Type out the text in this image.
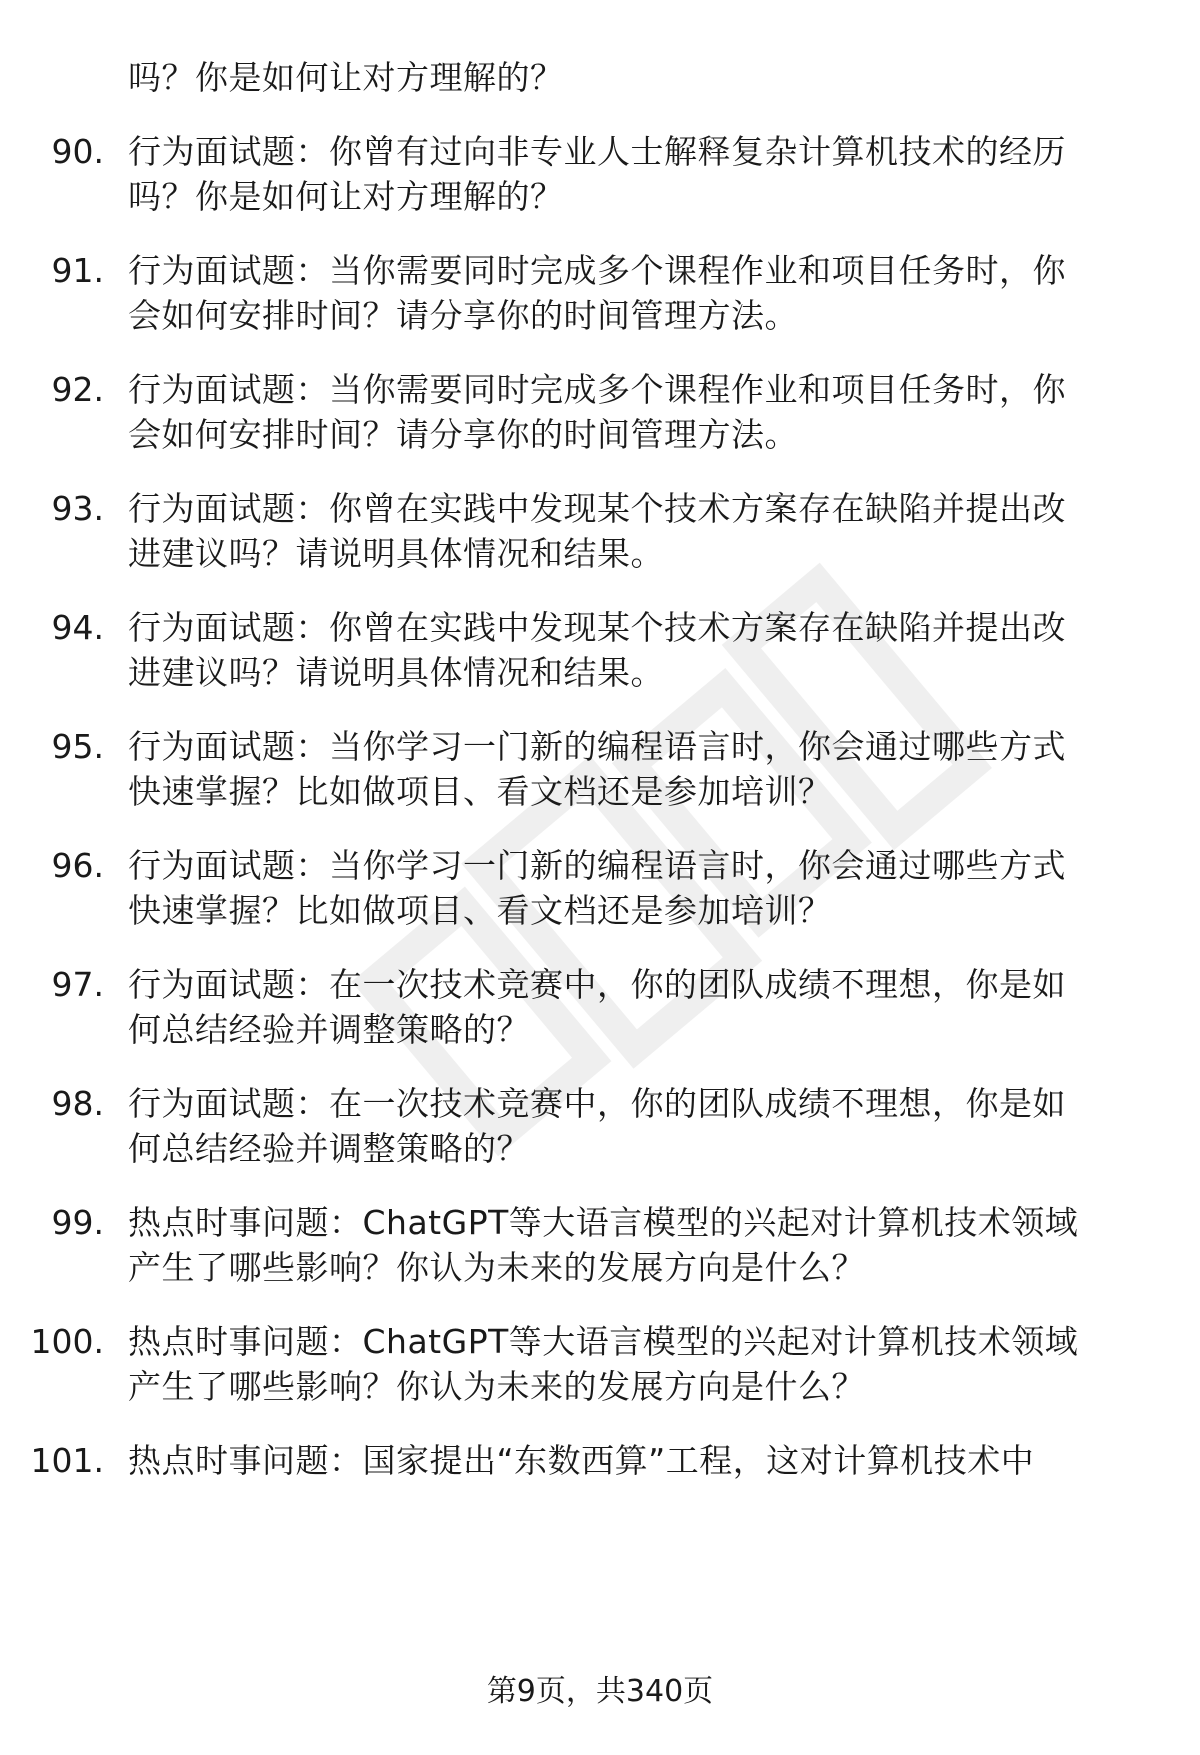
吗？你是如何让对方理解的？
90. 行为面试题：你曾有过向非专业人士解释复杂计算机技术的经历
吗？你是如何让对方理解的？
91. 行为面试题：当你需要同时完成多个课程作业和项目任务时，你
会如何安排时间？请分享你的时间管理方法。
92. 行为面试题：当你需要同时完成多个课程作业和项目任务时，你
会如何安排时间？请分享你的时间管理方法。
93. 行为面试题：你曾在实践中发现某个技术方案存在缺陷并提出改
进建议吗？请说明具体情况和结果。
94. 行为面试题：你曾在实践中发现某个技术方案存在缺陷并提出改
进建议吗？请说明具体情况和结果。
95. 行为面试题：当你学习一门新的编程语言时，你会通过哪些方式
快速掌握？比如做项目、看文档还是参加培训？
96. 行为面试题：当你学习一门新的编程语言时，你会通过哪些方式
快速掌握？比如做项目、看文档还是参加培训？
97. 行为面试题：在一次技术竞赛中，你的团队成绩不理想，你是如
何总结经验并调整策略的？
98. 行为面试题：在一次技术竞赛中，你的团队成绩不理想，你是如
何总结经验并调整策略的？
99. 热点时事问题：ChatGPT等大语言模型的兴起对计算机技术领域
产生了哪些影响？你认为未来的发展方向是什么？
100. 热点时事问题：ChatGPT等大语言模型的兴起对计算机技术领域
产生了哪些影响？你认为未来的发展方向是什么？
101. 热点时事问题：国家提出“东数西算”工程，这对计算机技术中
第9页，共340页
